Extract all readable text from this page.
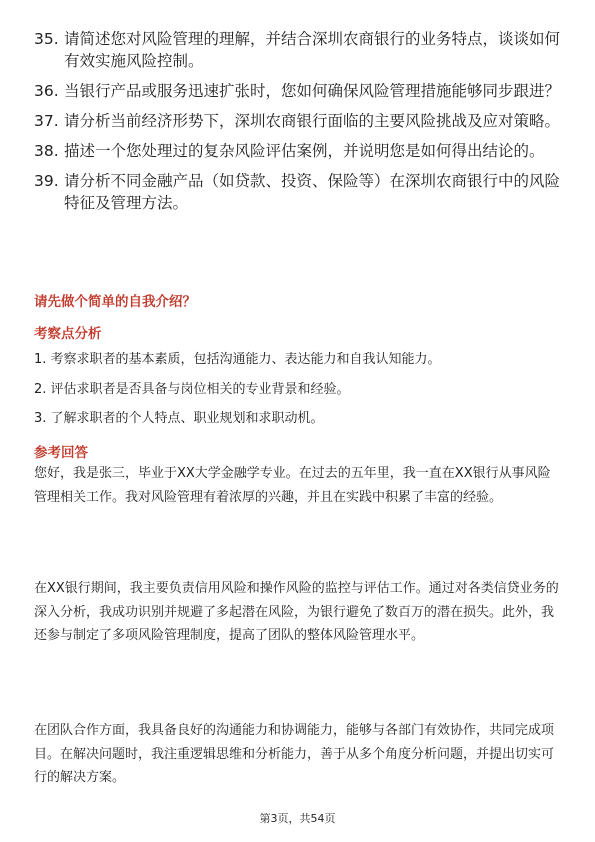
35. 请简述您对风险管理的理解，并结合深圳农商银行的业务特点，谈谈如何有效实施风险控制。
36. 当银行产品或服务迅速扩张时，您如何确保风险管理措施能够同步跟进？
37. 请分析当前经济形势下，深圳农商银行面临的主要风险挑战及应对策略。
38. 描述一个您处理过的复杂风险评估案例，并说明您是如何得出结论的。
39. 请分析不同金融产品（如贷款、投资、保险等）在深圳农商银行中的风险特征及管理方法。
请先做个简单的自我介绍？
考察点分析
1. 考察求职者的基本素质，包括沟通能力、表达能力和自我认知能力。
2. 评估求职者是否具备与岗位相关的专业背景和经验。
3. 了解求职者的个人特点、职业规划和求职动机。
参考回答
您好，我是张三，毕业于XX大学金融学专业。在过去的五年里，我一直在XX银行从事风险管理相关工作。我对风险管理有着浓厚的兴趣，并且在实践中积累了丰富的经验。
在XX银行期间，我主要负责信用风险和操作风险的监控与评估工作。通过对各类信贷业务的深入分析，我成功识别并规避了多起潜在风险，为银行避免了数百万的潜在损失。此外，我还参与制定了多项风险管理制度，提高了团队的整体风险管理水平。
在团队合作方面，我具备良好的沟通能力和协调能力，能够与各部门有效协作，共同完成项目。在解决问题时，我注重逻辑思维和分析能力，善于从多个角度分析问题，并提出切实可行的解决方案。
第3页，共54页
